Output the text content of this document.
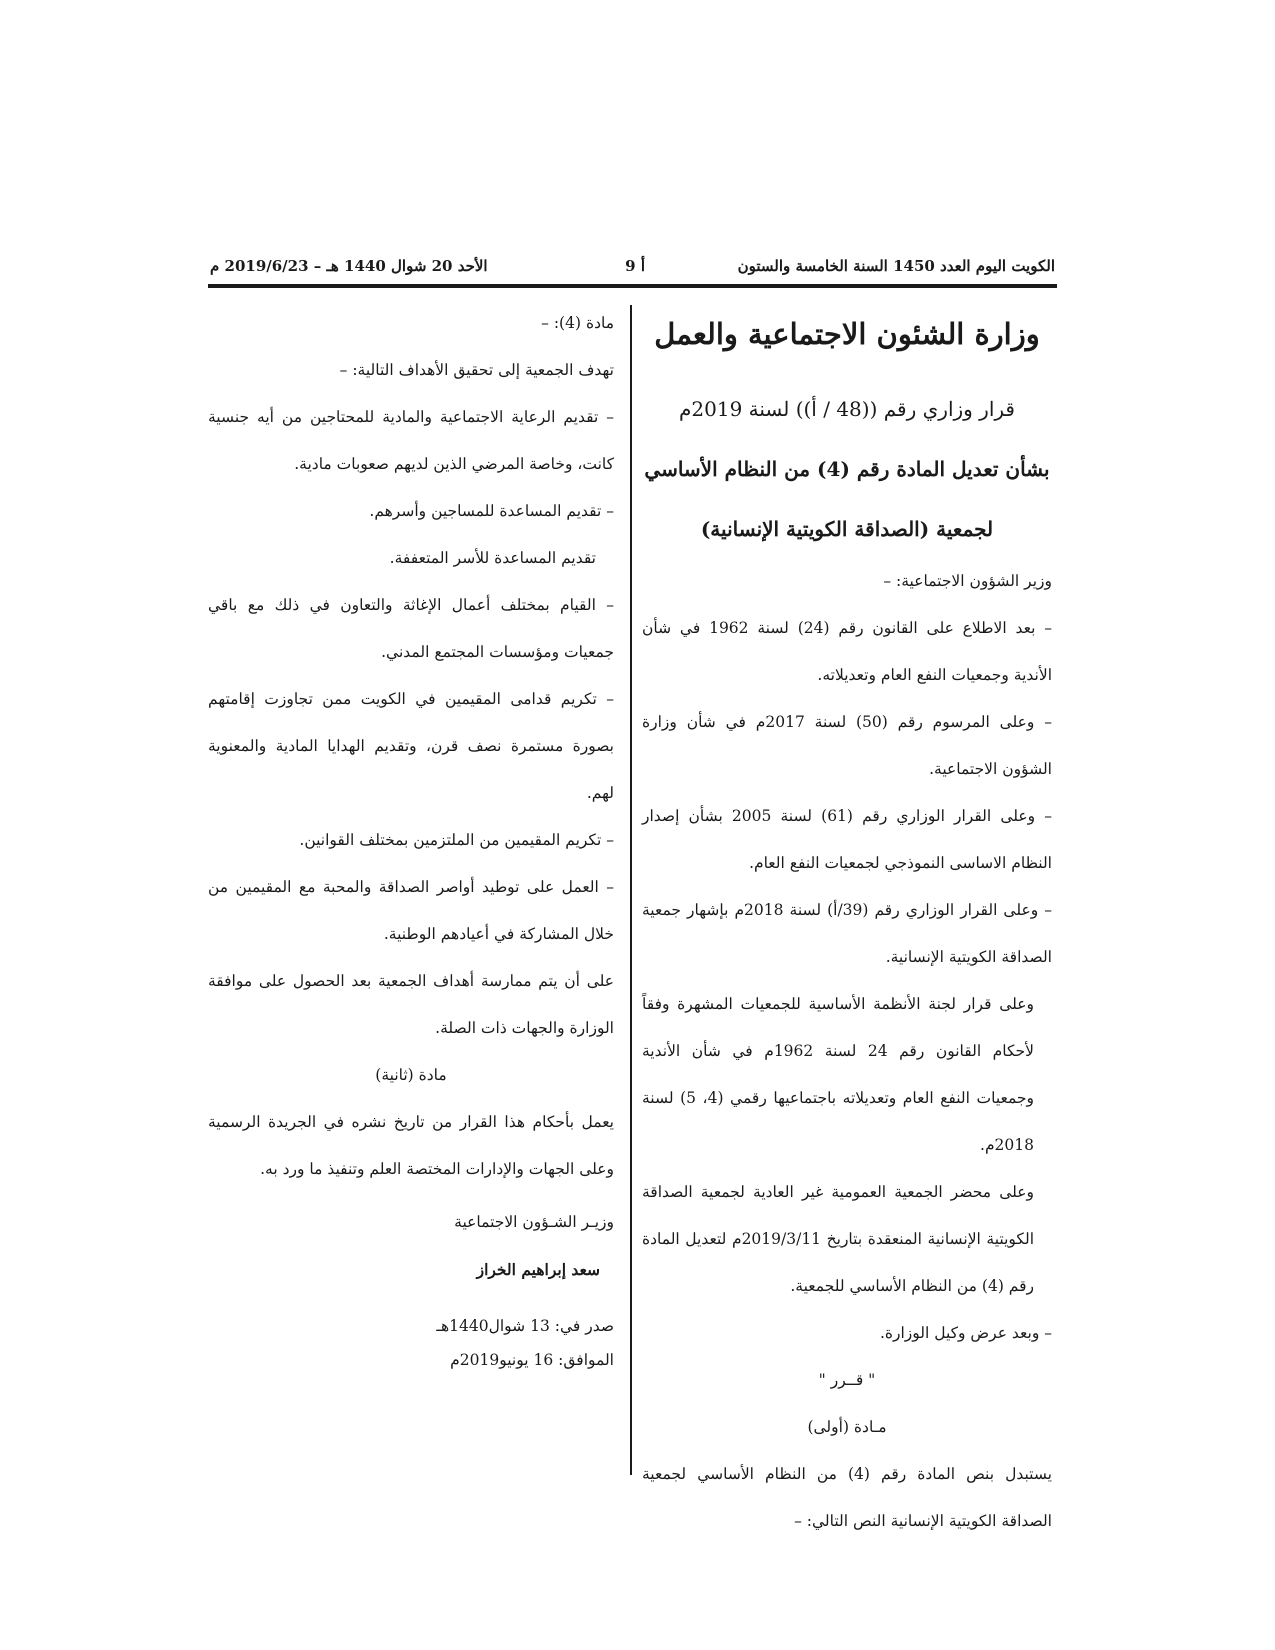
الكويت اليوم العدد 1450 السنة الخامسة والستون
أ 9
الأحد 20 شوال 1440 هـ – 2019/6/23 م
وزارة الشئون الاجتماعية والعمل
قرار وزاري رقم ((48 / أ)) لسنة 2019م
بشأن تعديل المادة رقم (4) من النظام الأساسي
لجمعية (الصداقة الكويتية الإنسانية)

وزير الشؤون الاجتماعية: –

– بعد الاطلاع على القانون رقم (24) لسنة 1962 في شأن الأندية وجمعيات النفع العام وتعديلاته.

– وعلى المرسوم رقم (50) لسنة 2017م في شأن وزارة الشؤون الاجتماعية.

– وعلى القرار الوزاري رقم (61) لسنة 2005 بشأن إصدار النظام الاساسى النموذجي لجمعيات النفع العام.

– وعلى القرار الوزاري رقم (39/أ) لسنة 2018م بإشهار جمعية الصداقة الكويتية الإنسانية.

وعلى قرار لجنة الأنظمة الأساسية للجمعيات المشهرة وفقاً لأحكام القانون رقم 24 لسنة 1962م في شأن الأندية وجمعيات النفع العام وتعديلاته باجتماعيها رقمي (4، 5) لسنة 2018م.

وعلى محضر الجمعية العمومية غير العادية لجمعية الصداقة الكويتية الإنسانية المنعقدة بتاريخ 2019/3/11م لتعديل المادة رقم (4) من النظام الأساسي للجمعية.

– وبعد عرض وكيل الوزارة.

" قــرر "

مـادة (أولى)

يستبدل بنص المادة رقم (4) من النظام الأساسي لجمعية الصداقة الكويتية الإنسانية النص التالي: –

مادة (4): –

تهدف الجمعية إلى تحقيق الأهداف التالية: –

– تقديم الرعاية الاجتماعية والمادية للمحتاجين من أيه جنسية كانت، وخاصة المرضي الذين لديهم صعوبات مادية.

– تقديم المساعدة للمساجين وأسرهم.

تقديم المساعدة للأسر المتعففة.

– القيام بمختلف أعمال الإغاثة والتعاون في ذلك مع باقي جمعيات ومؤسسات المجتمع المدني.

– تكريم قدامى المقيمين في الكويت ممن تجاوزت إقامتهم بصورة مستمرة نصف قرن، وتقديم الهدايا المادية والمعنوية لهم.

– تكريم المقيمين من الملتزمين بمختلف القوانين.

– العمل على توطيد أواصر الصداقة والمحبة مع المقيمين من خلال المشاركة في أعيادهم الوطنية.

على أن يتم ممارسة أهداف الجمعية بعد الحصول على موافقة الوزارة والجهات ذات الصلة.

مادة (ثانية)

يعمل بأحكام هذا القرار من تاريخ نشره في الجريدة الرسمية وعلى الجهات والإدارات المختصة العلم وتنفيذ ما ورد به.

وزيـر الشـؤون الاجتماعية

سعد إبراهيم الخراز

صدر في: 13 شوال1440هـ

الموافق: 16 يونيو2019م
